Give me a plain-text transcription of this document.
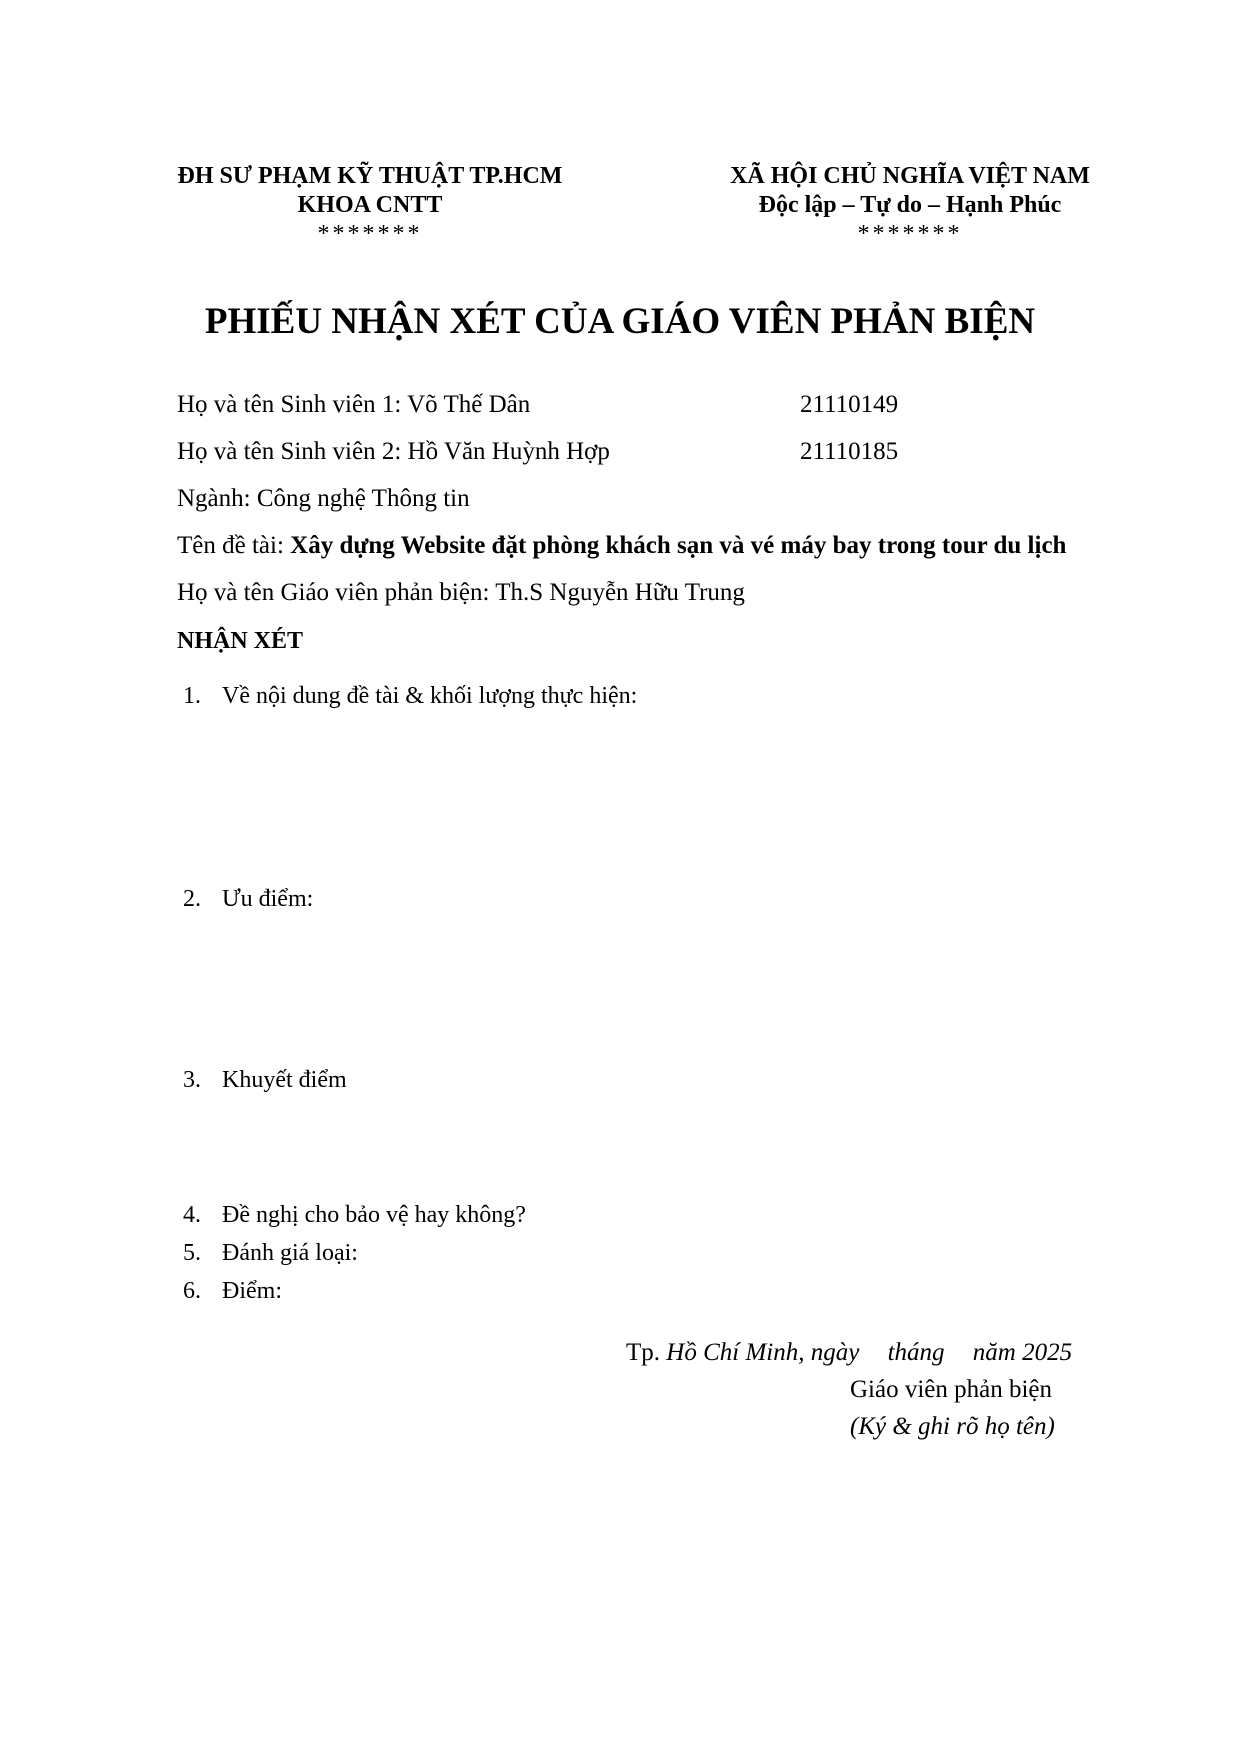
ĐH SƯ PHẠM KỸ THUẬT TP.HCM
KHOA CNTT
*******
XÃ HỘI CHỦ NGHĨA VIỆT NAM
Độc lập – Tự do – Hạnh Phúc
*******
PHIẾU NHẬN XÉT CỦA GIÁO VIÊN PHẢN BIỆN
Họ và tên Sinh viên 1: Võ Thế Dân	21110149
Họ và tên Sinh viên 2: Hồ Văn Huỳnh Hợp	21110185
Ngành: Công nghệ Thông tin
Tên đề tài: Xây dựng Website đặt phòng khách sạn và vé máy bay trong tour du lịch
Họ và tên Giáo viên phản biện: Th.S Nguyễn Hữu Trung
NHẬN XÉT
1. Về nội dung đề tài & khối lượng thực hiện:
2. Ưu điểm:
3. Khuyết điểm
4. Đề nghị cho bảo vệ hay không?
5. Đánh giá loại:
6. Điểm:
Tp. Hồ Chí Minh, ngày tháng năm 2025
Giáo viên phản biện
(Ký & ghi rõ họ tên)
